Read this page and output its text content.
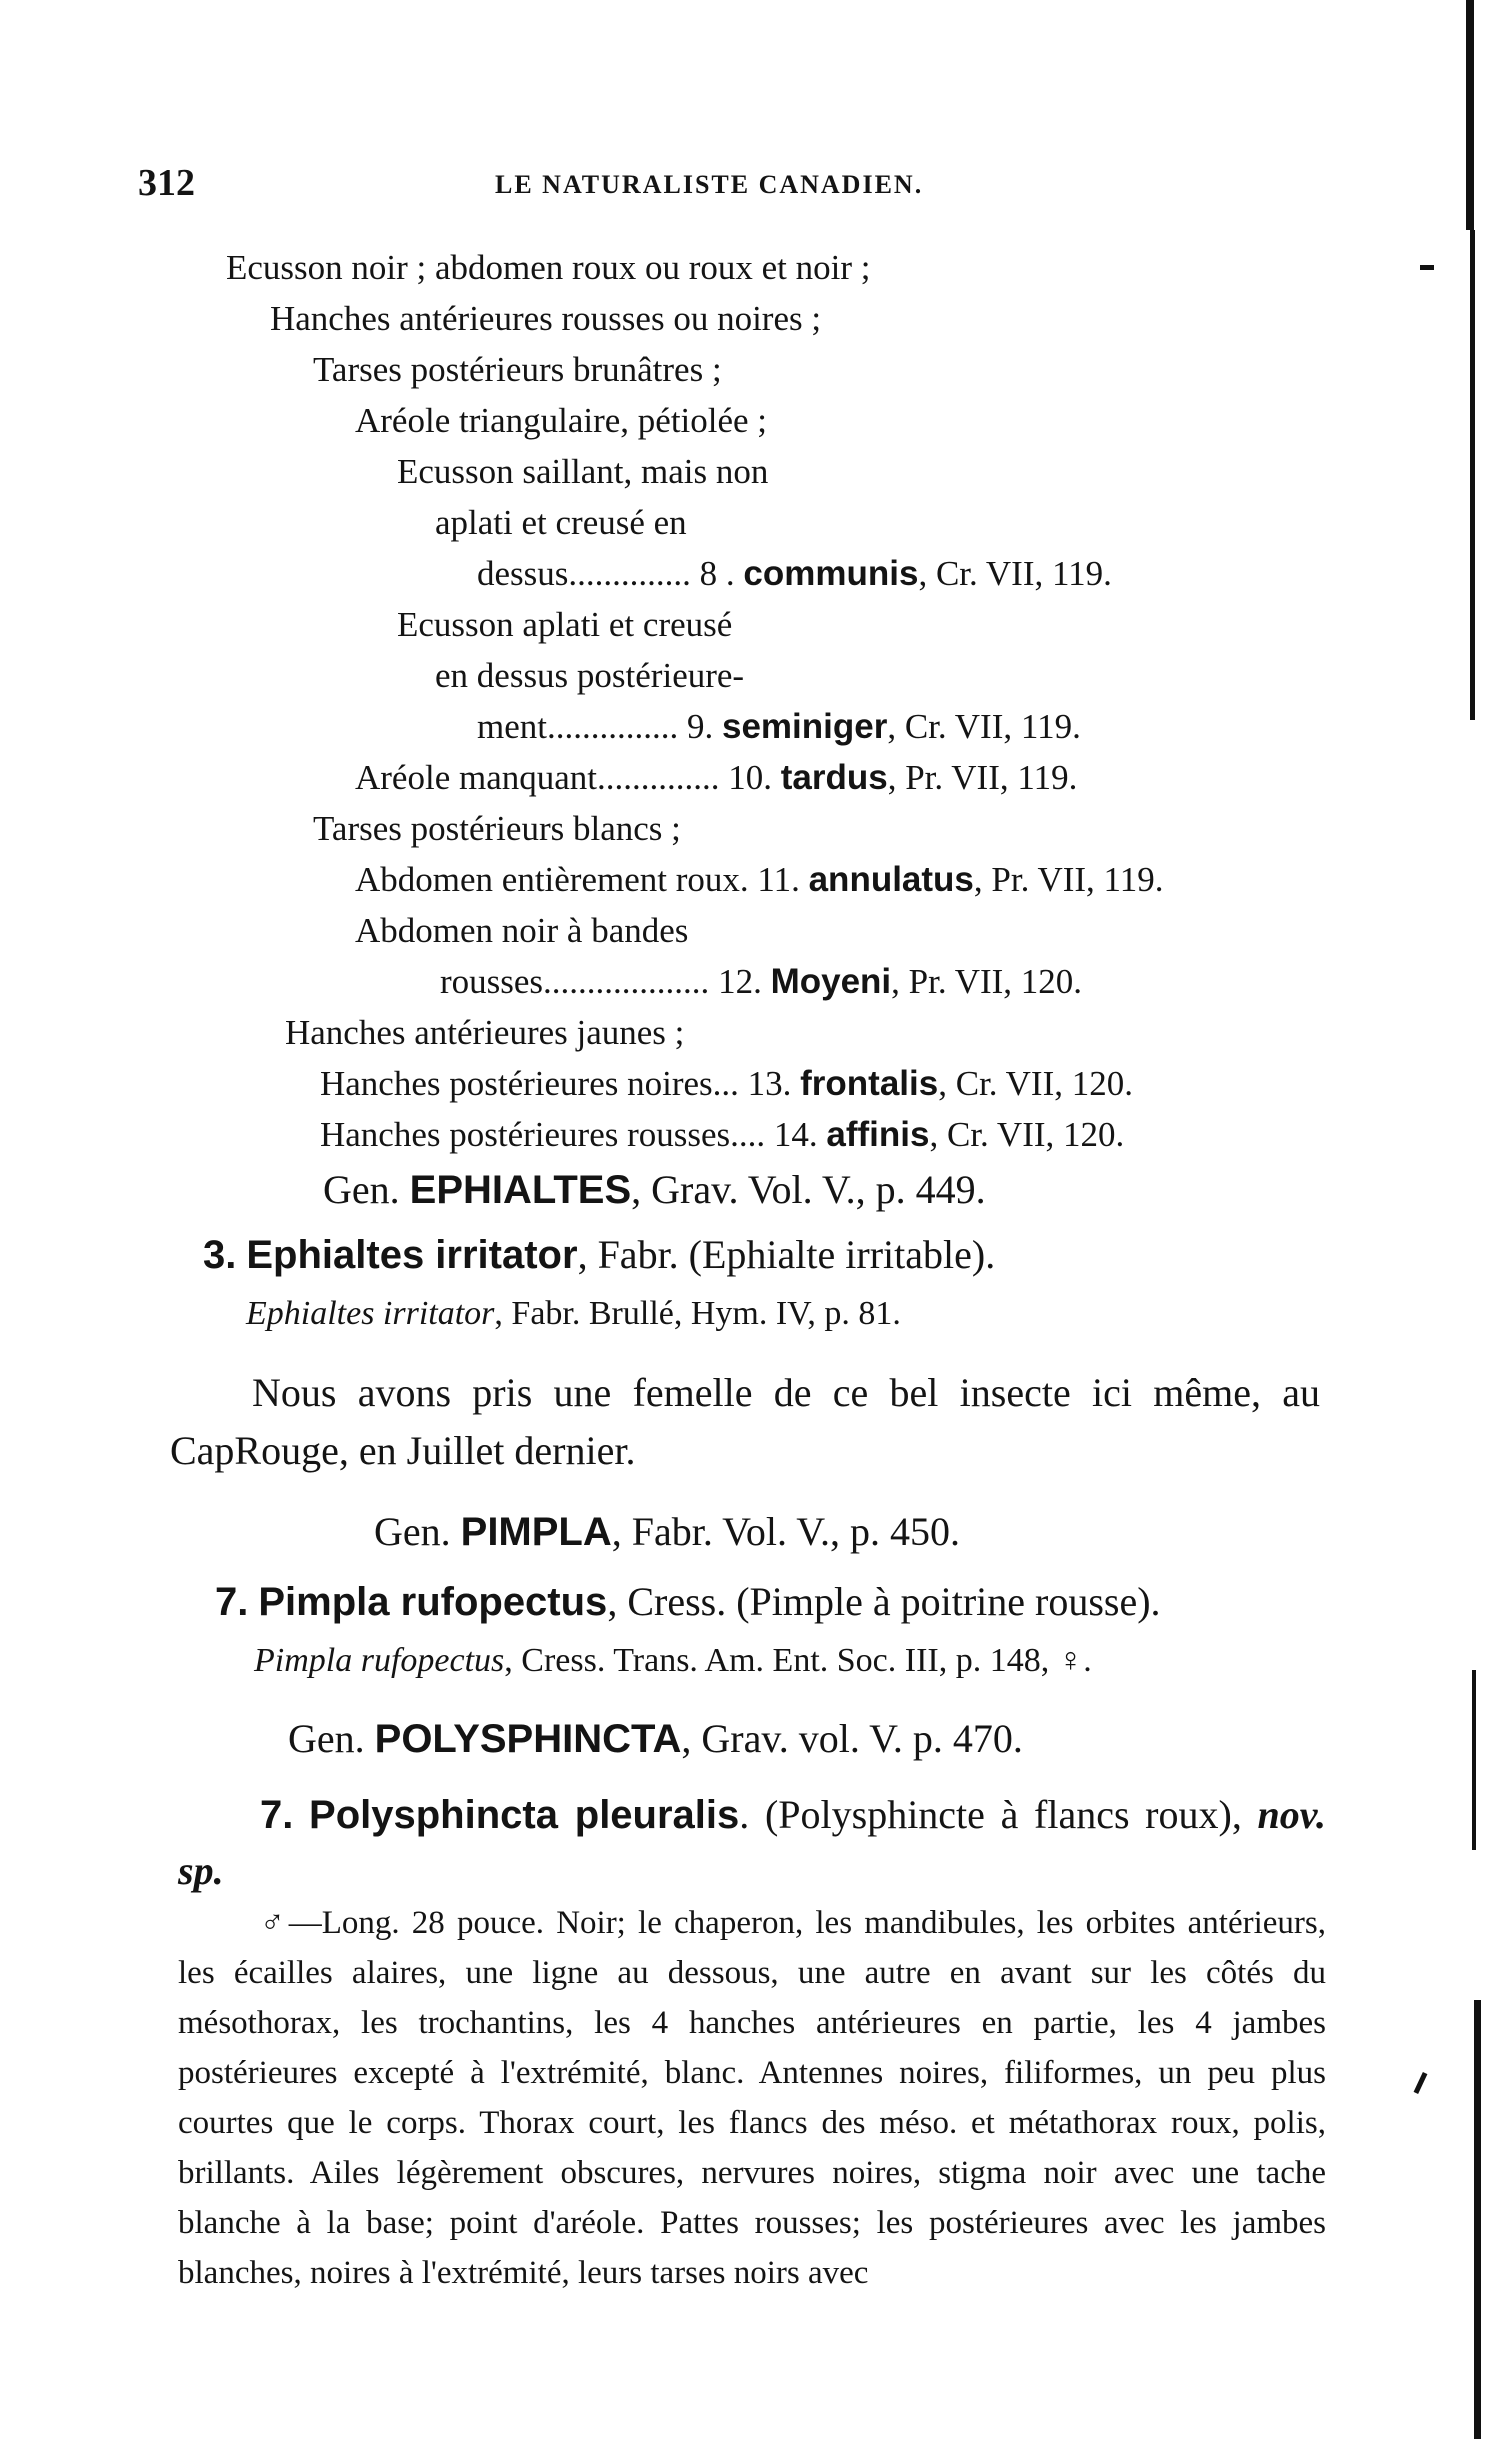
312	LE NATURALISTE CANADIEN.
Ecusson noir ; abdomen roux ou roux et noir ;
Hanches antérieures rousses ou noires ;
Tarses postérieurs brunâtres ;
Aréole triangulaire, pétiolée ;
Ecusson saillant, mais non
aplati et creusé en
dessus.............. 8 . communis, Cr. VII, 119.
Ecusson aplati et creusé
en dessus postérieure-
ment............... 9. seminiger, Cr. VII, 119.
Aréole manquant.............. 10. tardus, Pr. VII, 119.
Tarses postérieurs blancs ;
Abdomen entièrement roux. 11. annulatus, Pr. VII, 119.
Abdomen noir à bandes
rousses................... 12. Moyeni, Pr. VII, 120.
Hanches antérieures jaunes ;
Hanches postérieures noires... 13. frontalis, Cr. VII, 120.
Hanches postérieures rousses.... 14. affinis, Cr. VII, 120.
Gen. EPHIALTES, Grav. Vol. V., p. 449.
3. Ephialtes irritator, Fabr. (Ephialte irritable).
Ephialtes irritator, Fabr. Brullé, Hym. IV, p. 81.
Nous avons pris une femelle de ce bel insecte ici même, au CapRouge, en Juillet dernier.
Gen. PIMPLA, Fabr. Vol. V., p. 450.
7. Pimpla rufopectus, Cress. (Pimple à poitrine rousse).
Pimpla rufopectus, Cress. Trans. Am. Ent. Soc. III, p. 148, ♀.
Gen. POLYSPHINCTA, Grav. vol. V. p. 470.
7. Polysphincta pleuralis. (Polysphincte à flancs roux), nov. sp.
♂—Long. 28 pouce. Noir; le chaperon, les mandibules, les orbites antérieurs, les écailles alaires, une ligne au dessous, une autre en avant sur les côtés du mésothorax, les trochantins, les 4 hanches antérieures en partie, les 4 jambes postérieures excepté à l'extrémité, blanc. Antennes noires, filiformes, un peu plus courtes que le corps. Thorax court, les flancs des méso. et métathorax roux, polis, brillants. Ailes légèrement obscures, nervures noires, stigma noir avec une tache blanche à la base; point d'aréole. Pattes rousses; les postérieures avec les jambes blanches, noires à l'extrémité, leurs tarses noirs avec
